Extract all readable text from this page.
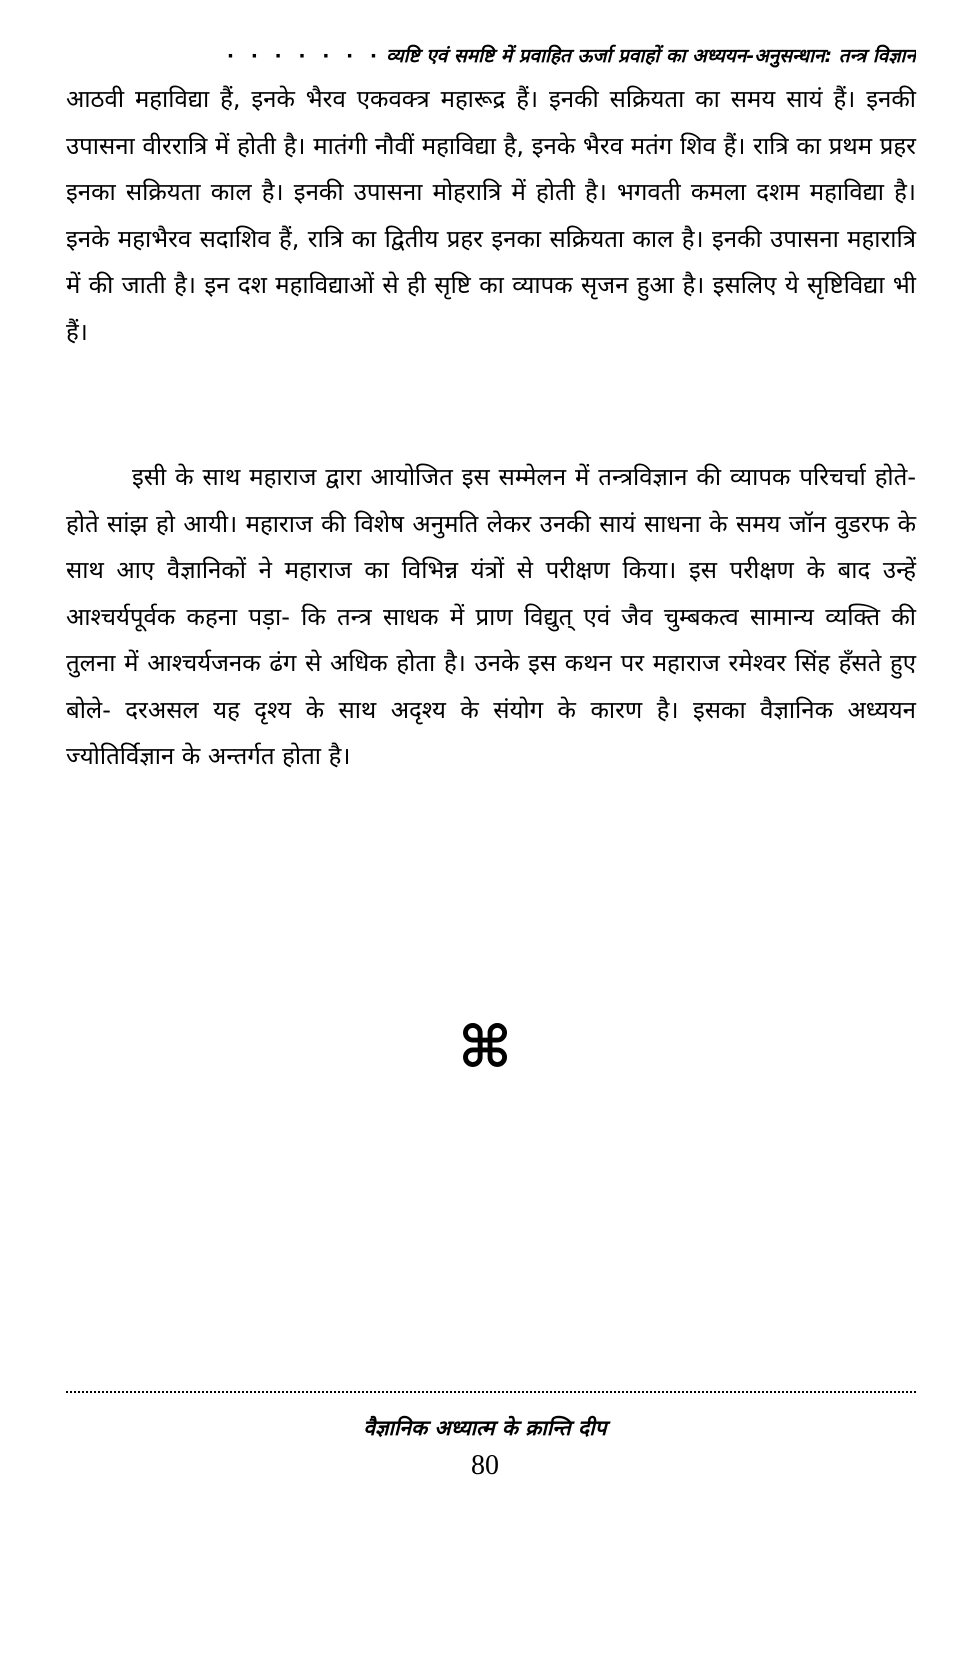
· · · · · · · व्यष्टि एवं समष्टि में प्रवाहित ऊर्जा प्रवाहों का अध्ययन-अनुसन्धान: तन्त्र विज्ञान

आठवी महाविद्या हैं, इनके भैरव एकवक्त्र महारूद्र हैं। इनकी सक्रियता का समय सायं हैं। इनकी उपासना वीररात्रि में होती है। मातंगी नौवीं महाविद्या है, इनके भैरव मतंग शिव हैं। रात्रि का प्रथम प्रहर इनका सक्रियता काल है। इनकी उपासना मोहरात्रि में होती है। भगवती कमला दशम महाविद्या है। इनके महाभैरव सदाशिव हैं, रात्रि का द्वितीय प्रहर इनका सक्रियता काल है। इनकी उपासना महारात्रि में की जाती है। इन दश महाविद्याओं से ही सृष्टि का व्यापक सृजन हुआ है। इसलिए ये सृष्टिविद्या भी हैं।

इसी के साथ महाराज द्वारा आयोजित इस सम्मेलन में तन्त्रविज्ञान की व्यापक परिचर्चा होते-होते सांझ हो आयी। महाराज की विशेष अनुमति लेकर उनकी सायं साधना के समय जॉन वुडरफ के साथ आए वैज्ञानिकों ने महाराज का विभिन्न यंत्रों से परीक्षण किया। इस परीक्षण के बाद उन्हें आश्चर्यपूर्वक कहना पड़ा- कि तन्त्र साधक में प्राण विद्युत् एवं जैव चुम्बकत्व सामान्य व्यक्ति की तुलना में आश्चर्यजनक ढंग से अधिक होता है। उनके इस कथन पर महाराज रमेश्वर सिंह हँसते हुए बोले- दरअसल यह दृश्य के साथ अदृश्य के संयोग के कारण है। इसका वैज्ञानिक अध्ययन ज्योतिर्विज्ञान के अन्तर्गत होता है।

⌘
वैज्ञानिक अध्यात्म के क्रान्ति दीप
80
